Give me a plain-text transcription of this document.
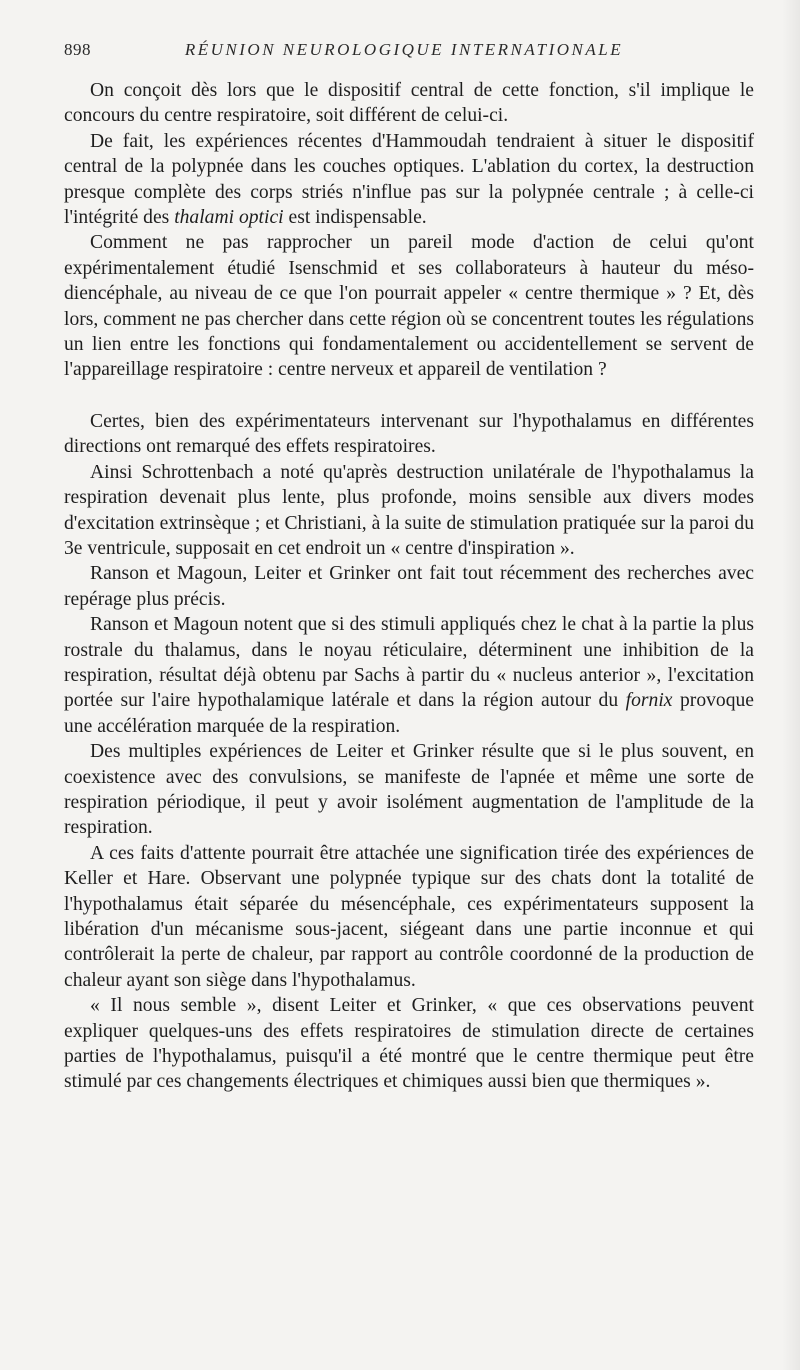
898	RÉUNION NEUROLOGIQUE INTERNATIONALE

On conçoit dès lors que le dispositif central de cette fonction, s'il implique le concours du centre respiratoire, soit différent de celui-ci.

De fait, les expériences récentes d'Hammoudah tendraient à situer le dispositif central de la polypnée dans les couches optiques. L'ablation du cortex, la destruction presque complète des corps striés n'influe pas sur la polypnée centrale ; à celle-ci l'intégrité des thalami optici est indispensable.

Comment ne pas rapprocher un pareil mode d'action de celui qu'ont expérimentalement étudié Isenschmid et ses collaborateurs à hauteur du méso-diencéphale, au niveau de ce que l'on pourrait appeler « centre thermique » ? Et, dès lors, comment ne pas chercher dans cette région où se concentrent toutes les régulations un lien entre les fonctions qui fondamentalement ou accidentellement se servent de l'appareillage respiratoire : centre nerveux et appareil de ventilation ?

Certes, bien des expérimentateurs intervenant sur l'hypothalamus en différentes directions ont remarqué des effets respiratoires.

Ainsi Schrottenbach a noté qu'après destruction unilatérale de l'hypothalamus la respiration devenait plus lente, plus profonde, moins sensible aux divers modes d'excitation extrinsèque ; et Christiani, à la suite de stimulation pratiquée sur la paroi du 3e ventricule, supposait en cet endroit un « centre d'inspiration ».

Ranson et Magoun, Leiter et Grinker ont fait tout récemment des recherches avec repérage plus précis.

Ranson et Magoun notent que si des stimuli appliqués chez le chat à la partie la plus rostrale du thalamus, dans le noyau réticulaire, déterminent une inhibition de la respiration, résultat déjà obtenu par Sachs à partir du « nucleus anterior », l'excitation portée sur l'aire hypothalamique latérale et dans la région autour du fornix provoque une accélération marquée de la respiration.

Des multiples expériences de Leiter et Grinker résulte que si le plus souvent, en coexistence avec des convulsions, se manifeste de l'apnée et même une sorte de respiration périodique, il peut y avoir isolément augmentation de l'amplitude de la respiration.

A ces faits d'attente pourrait être attachée une signification tirée des expériences de Keller et Hare. Observant une polypnée typique sur des chats dont la totalité de l'hypothalamus était séparée du mésencéphale, ces expérimentateurs supposent la libération d'un mécanisme sous-jacent, siégeant dans une partie inconnue et qui contrôlerait la perte de chaleur, par rapport au contrôle coordonné de la production de chaleur ayant son siège dans l'hypothalamus.

« Il nous semble », disent Leiter et Grinker, « que ces observations peuvent expliquer quelques-uns des effets respiratoires de stimulation directe de certaines parties de l'hypothalamus, puisqu'il a été montré que le centre thermique peut être stimulé par ces changements électriques et chimiques aussi bien que thermiques ».
